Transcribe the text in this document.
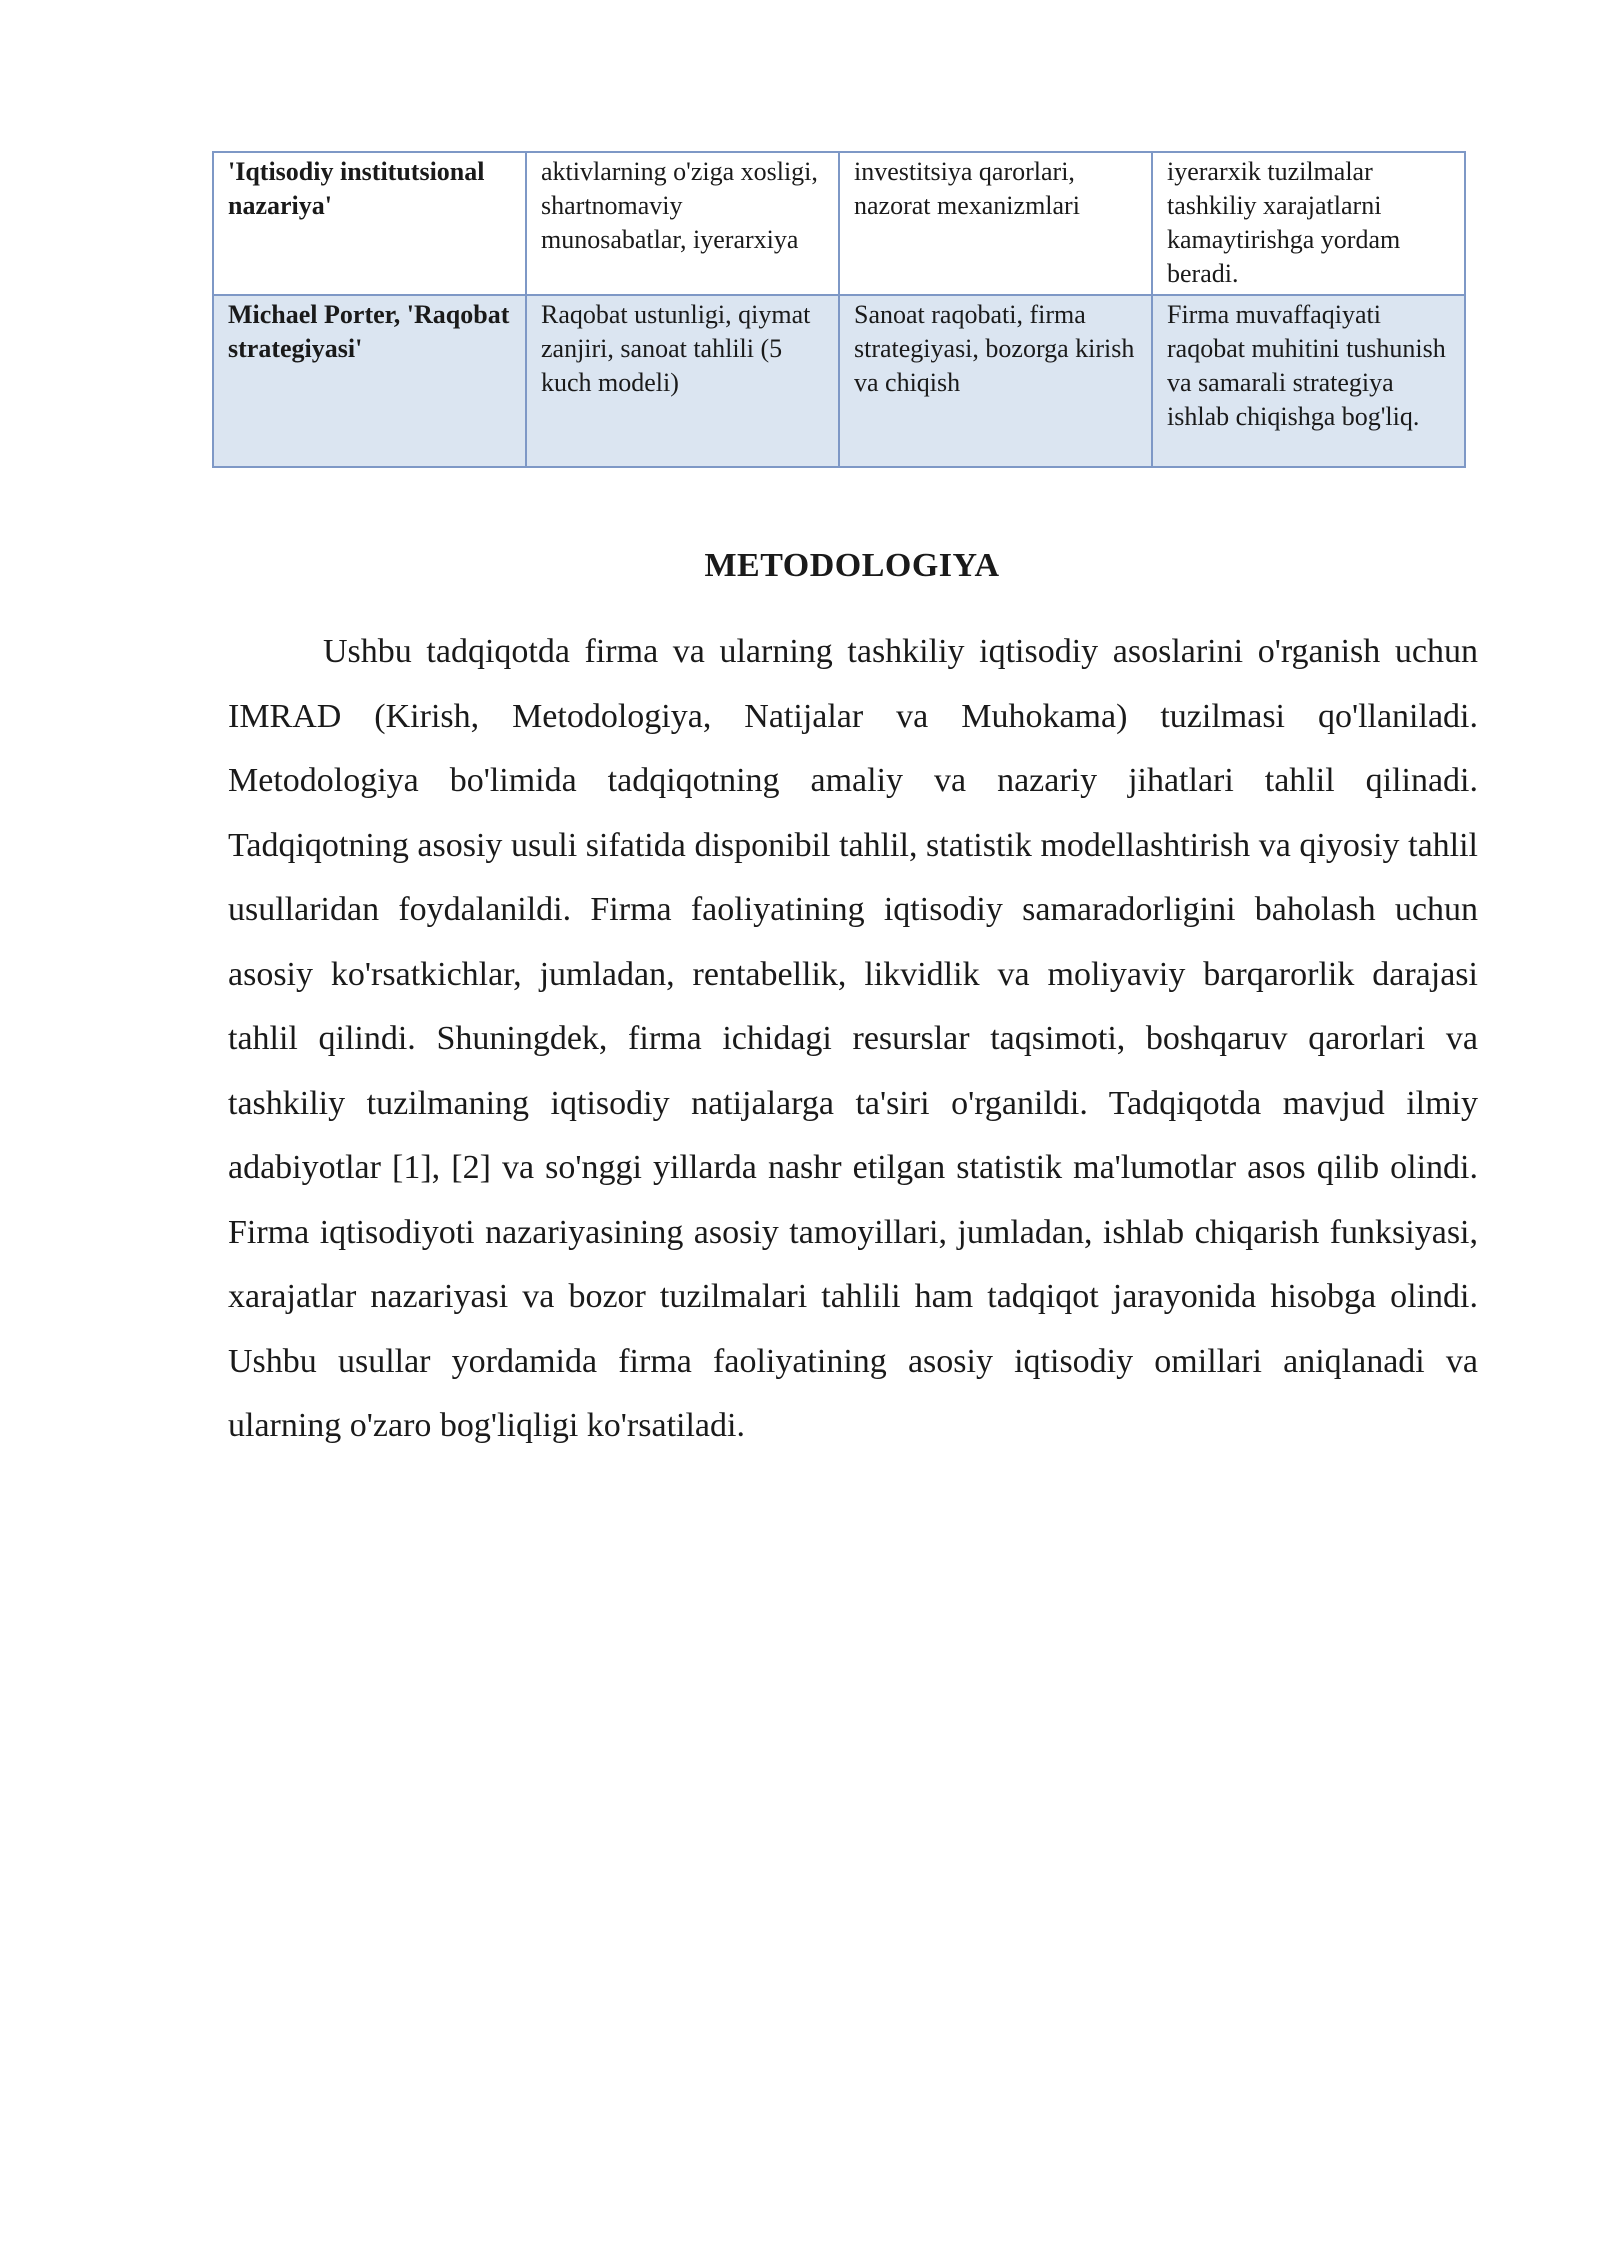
'Iqtisodiy institutsional nazariya'	aktivlarning o'ziga xosligi, shartnomaviy munosabatlar, iyerarxiya	investitsiya qarorlari, nazorat mexanizmlari	iyerarxik tuzilmalar tashkiliy xarajatlarni kamaytirishga yordam beradi.
Michael Porter, 'Raqobat strategiyasi'	Raqobat ustunligi, qiymat zanjiri, sanoat tahlili (5 kuch modeli)	Sanoat raqobati, firma strategiyasi, bozorga kirish va chiqish	Firma muvaffaqiyati raqobat muhitini tushunish va samarali strategiya ishlab chiqishga bog'liq.
METODOLOGIYA

Ushbu tadqiqotda firma va ularning tashkiliy iqtisodiy asoslarini o'rganish uchun IMRAD (Kirish, Metodologiya, Natijalar va Muhokama) tuzilmasi qo'llaniladi. Metodologiya bo'limida tadqiqotning amaliy va nazariy jihatlari tahlil qilinadi. Tadqiqotning asosiy usuli sifatida disponibil tahlil, statistik modellashtirish va qiyosiy tahlil usullaridan foydalanildi. Firma faoliyatining iqtisodiy samaradorligini baholash uchun asosiy ko'rsatkichlar, jumladan, rentabellik, likvidlik va moliyaviy barqarorlik darajasi tahlil qilindi. Shuningdek, firma ichidagi resurslar taqsimoti, boshqaruv qarorlari va tashkiliy tuzilmaning iqtisodiy natijalarga ta'siri o'rganildi. Tadqiqotda mavjud ilmiy adabiyotlar [1], [2] va so'nggi yillarda nashr etilgan statistik ma'lumotlar asos qilib olindi. Firma iqtisodiyoti nazariyasining asosiy tamoyillari, jumladan, ishlab chiqarish funksiyasi, xarajatlar nazariyasi va bozor tuzilmalari tahlili ham tadqiqot jarayonida hisobga olindi. Ushbu usullar yordamida firma faoliyatining asosiy iqtisodiy omillari aniqlanadi va ularning o'zaro bog'liqligi ko'rsatiladi.
